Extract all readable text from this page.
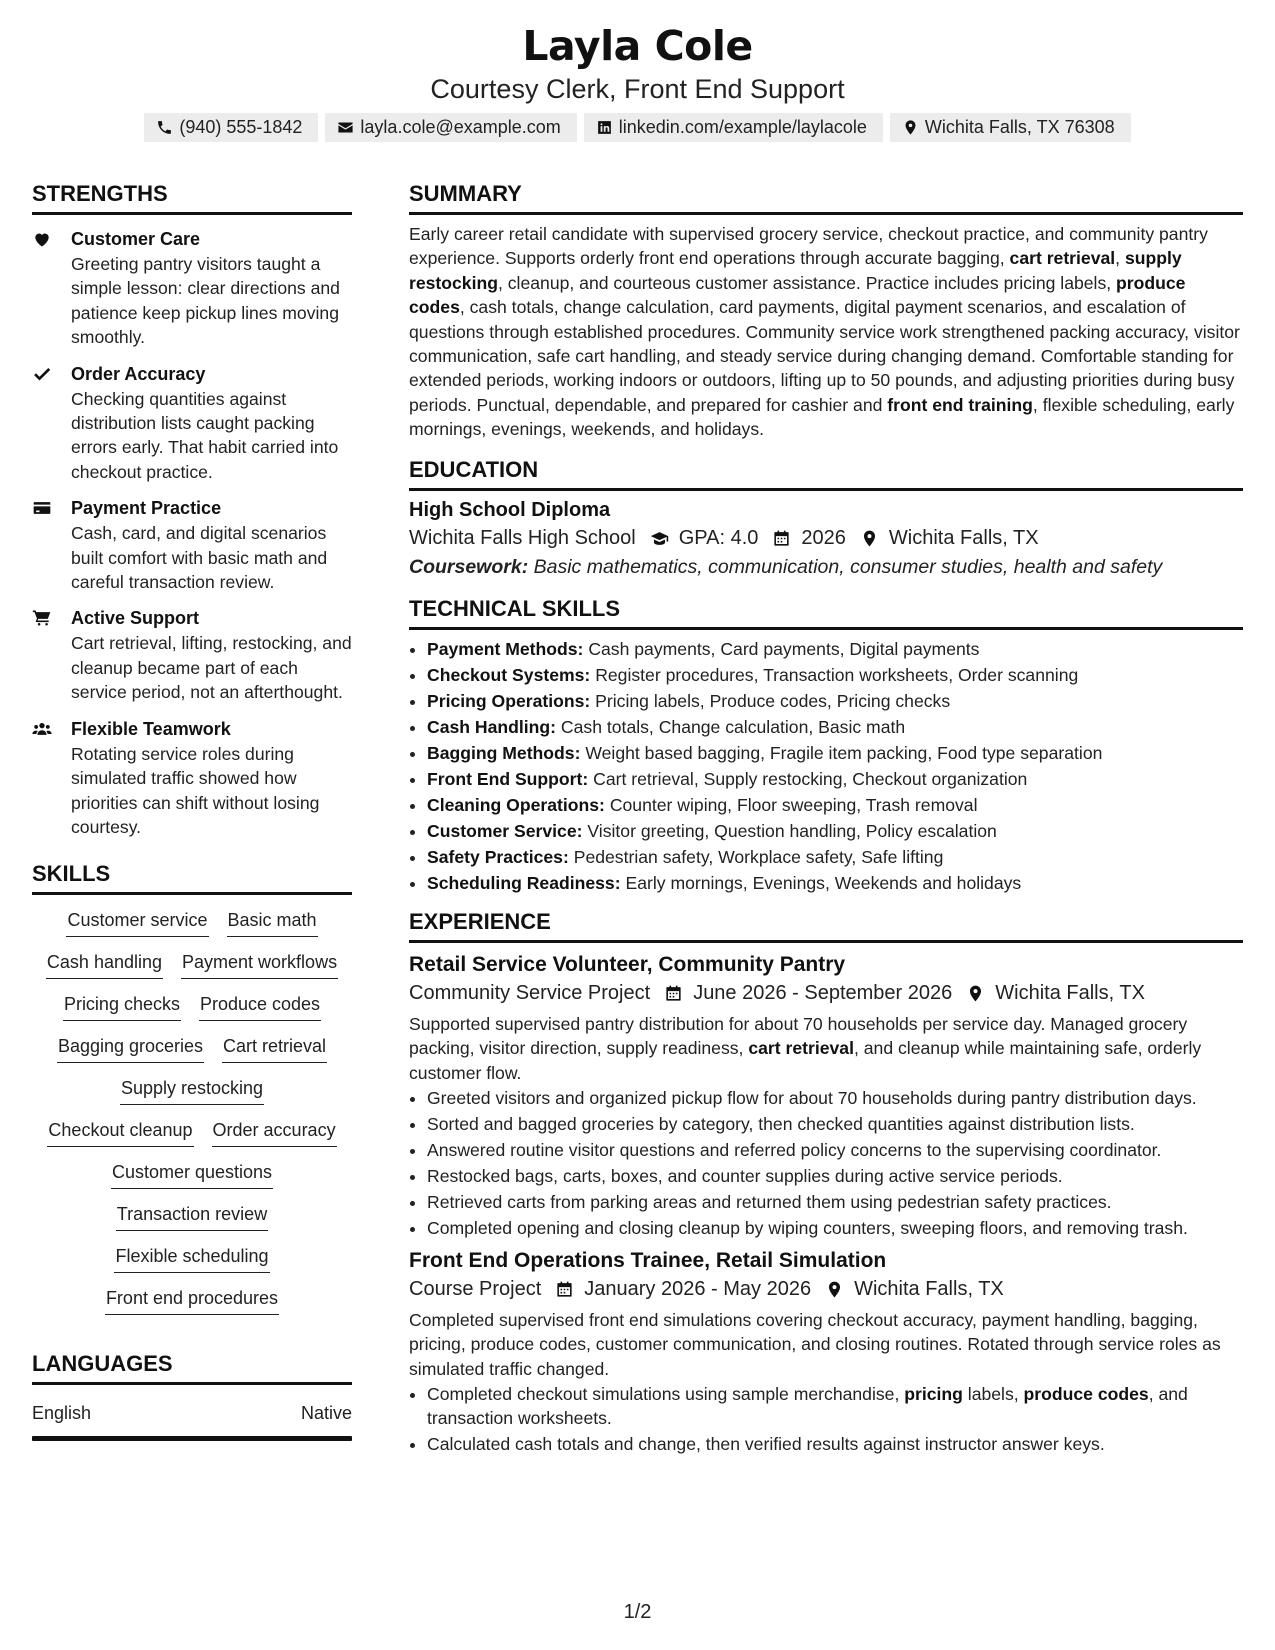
Layla Cole
Courtesy Clerk, Front End Support
(940) 555-1842	layla.cole@example.com	linkedin.com/example/laylacole	Wichita Falls, TX 76308
STRENGTHS
Customer Care
Greeting pantry visitors taught a simple lesson: clear directions and patience keep pickup lines moving smoothly.
Order Accuracy
Checking quantities against distribution lists caught packing errors early. That habit carried into checkout practice.
Payment Practice
Cash, card, and digital scenarios built comfort with basic math and careful transaction review.
Active Support
Cart retrieval, lifting, restocking, and cleanup became part of each service period, not an afterthought.
Flexible Teamwork
Rotating service roles during simulated traffic showed how priorities can shift without losing courtesy.
SKILLS
Customer service Basic math
Cash handling Payment workflows
Pricing checks Produce codes
Bagging groceries Cart retrieval
Supply restocking
Checkout cleanup Order accuracy
Customer questions
Transaction review
Flexible scheduling
Front end procedures
LANGUAGES
English	Native
SUMMARY
Early career retail candidate with supervised grocery service, checkout practice, and community pantry experience. Supports orderly front end operations through accurate bagging, cart retrieval, supply restocking, cleanup, and courteous customer assistance. Practice includes pricing labels, produce codes, cash totals, change calculation, card payments, digital payment scenarios, and escalation of questions through established procedures. Community service work strengthened packing accuracy, visitor communication, safe cart handling, and steady service during changing demand. Comfortable standing for extended periods, working indoors or outdoors, lifting up to 50 pounds, and adjusting priorities during busy periods. Punctual, dependable, and prepared for cashier and front end training, flexible scheduling, early mornings, evenings, weekends, and holidays.
EDUCATION
High School Diploma
Wichita Falls High School GPA: 4.0 2026 Wichita Falls, TX
Coursework: Basic mathematics, communication, consumer studies, health and safety
TECHNICAL SKILLS
• Payment Methods: Cash payments, Card payments, Digital payments
• Checkout Systems: Register procedures, Transaction worksheets, Order scanning
• Pricing Operations: Pricing labels, Produce codes, Pricing checks
• Cash Handling: Cash totals, Change calculation, Basic math
• Bagging Methods: Weight based bagging, Fragile item packing, Food type separation
• Front End Support: Cart retrieval, Supply restocking, Checkout organization
• Cleaning Operations: Counter wiping, Floor sweeping, Trash removal
• Customer Service: Visitor greeting, Question handling, Policy escalation
• Safety Practices: Pedestrian safety, Workplace safety, Safe lifting
• Scheduling Readiness: Early mornings, Evenings, Weekends and holidays
EXPERIENCE
Retail Service Volunteer, Community Pantry
Community Service Project June 2026 - September 2026 Wichita Falls, TX
Supported supervised pantry distribution for about 70 households per service day. Managed grocery packing, visitor direction, supply readiness, cart retrieval, and cleanup while maintaining safe, orderly customer flow.
• Greeted visitors and organized pickup flow for about 70 households during pantry distribution days.
• Sorted and bagged groceries by category, then checked quantities against distribution lists.
• Answered routine visitor questions and referred policy concerns to the supervising coordinator.
• Restocked bags, carts, boxes, and counter supplies during active service periods.
• Retrieved carts from parking areas and returned them using pedestrian safety practices.
• Completed opening and closing cleanup by wiping counters, sweeping floors, and removing trash.
Front End Operations Trainee, Retail Simulation
Course Project January 2026 - May 2026 Wichita Falls, TX
Completed supervised front end simulations covering checkout accuracy, payment handling, bagging, pricing, produce codes, customer communication, and closing routines. Rotated through service roles as simulated traffic changed.
• Completed checkout simulations using sample merchandise, pricing labels, produce codes, and transaction worksheets.
• Calculated cash totals and change, then verified results against instructor answer keys.
1/2
